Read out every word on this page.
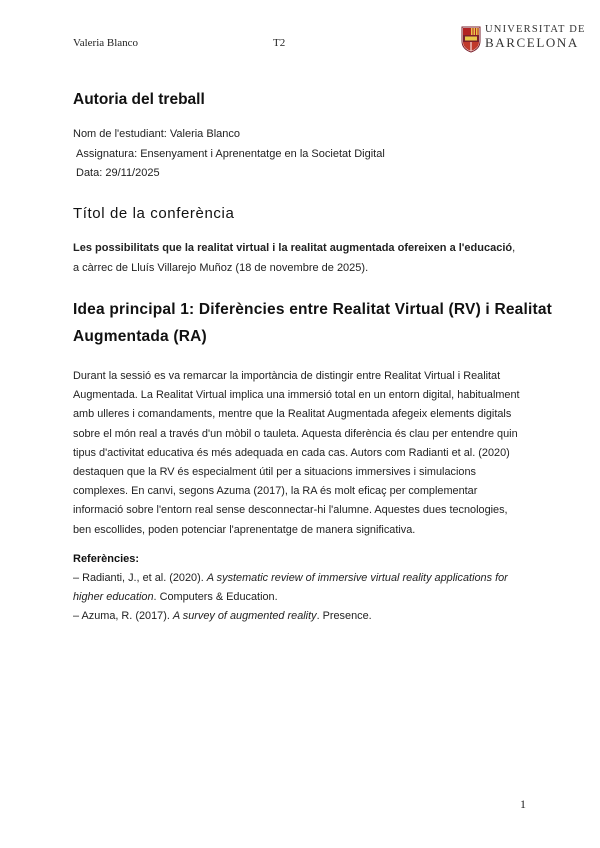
Valeria Blanco	T2
UNIVERSITAT DE
BARCELONA
Autoria del treball
Nom de l'estudiant: Valeria Blanco
Assignatura: Ensenyament i Aprenentatge en la Societat Digital
Data: 29/11/2025
Títol de la conferència
Les possibilitats que la realitat virtual i la realitat augmentada ofereixen a l'educació,
a càrrec de Lluís Villarejo Muñoz (18 de novembre de 2025).
Idea principal 1: Diferències entre Realitat Virtual (RV) i Realitat
Augmentada (RA)
Durant la sessió es va remarcar la importància de distingir entre Realitat Virtual i Realitat
Augmentada. La Realitat Virtual implica una immersió total en un entorn digital, habitualment
amb ulleres i comandaments, mentre que la Realitat Augmentada afegeix elements digitals
sobre el món real a través d'un mòbil o tauleta. Aquesta diferència és clau per entendre quin
tipus d'activitat educativa és més adequada en cada cas. Autors com Radianti et al. (2020)
destaquen que la RV és especialment útil per a situacions immersives i simulacions
complexes. En canvi, segons Azuma (2017), la RA és molt eficaç per complementar
informació sobre l'entorn real sense desconnectar-hi l'alumne. Aquestes dues tecnologies,
ben escollides, poden potenciar l'aprenentatge de manera significativa.
Referències:
– Radianti, J., et al. (2020). A systematic review of immersive virtual reality applications for
higher education. Computers & Education.
– Azuma, R. (2017). A survey of augmented reality. Presence.
1
